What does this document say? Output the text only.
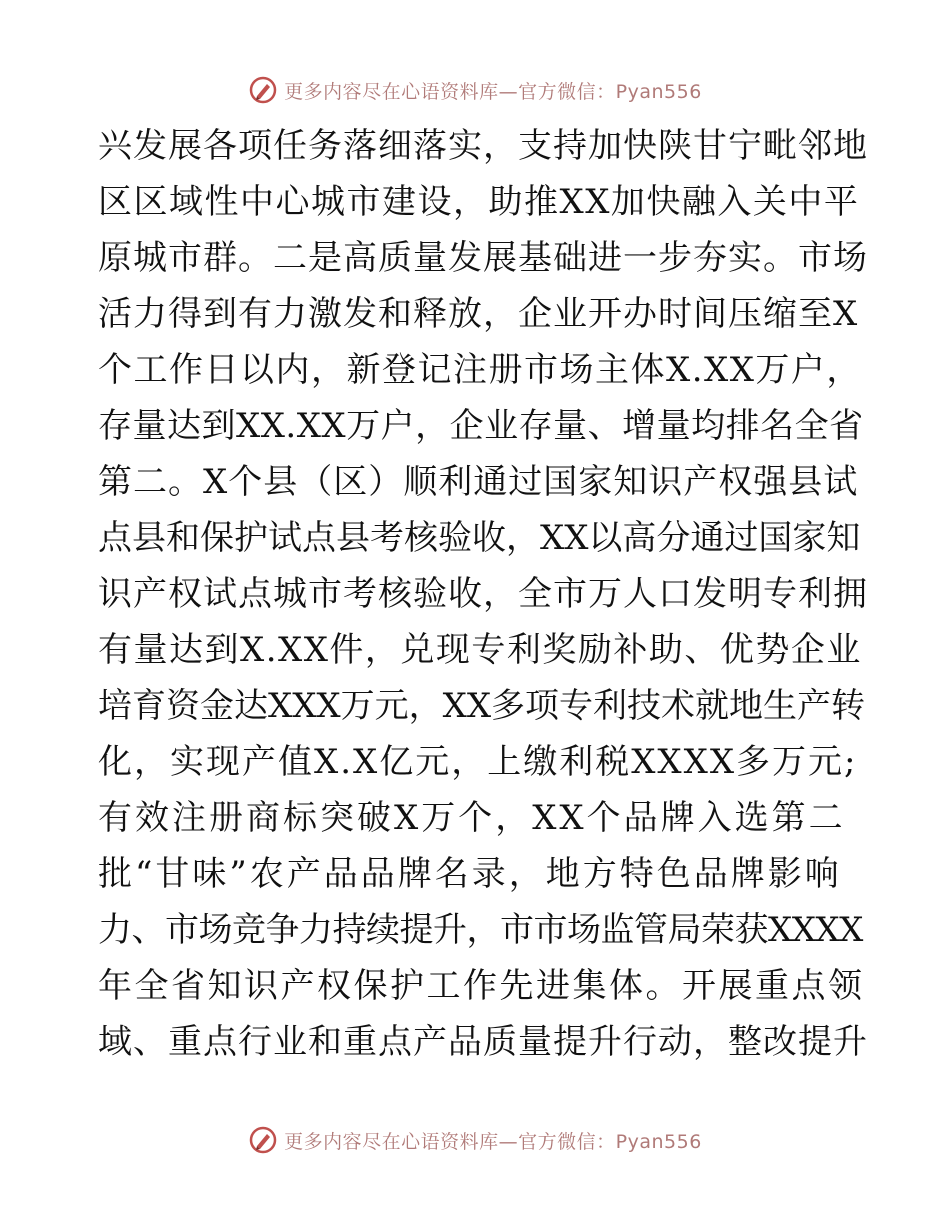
更多内容尽在心语资料库—官方微信：Pyan556
兴发展各项任务落细落实，支持加快陕甘宁毗邻地
区区域性中心城市建设，助推XX加快融入关中平
原城市群。二是高质量发展基础进一步夯实。市场
活力得到有力激发和释放，企业开办时间压缩至X
个工作日以内，新登记注册市场主体X.XX万户，
存量达到XX.XX万户，企业存量、增量均排名全省
第二。X个县（区）顺利通过国家知识产权强县试
点县和保护试点县考核验收，XX以高分通过国家知
识产权试点城市考核验收，全市万人口发明专利拥
有量达到X.XX件，兑现专利奖励补助、优势企业
培育资金达XXX万元，XX多项专利技术就地生产转
化，实现产值X.X亿元，上缴利税XXXX多万元;
有效注册商标突破X万个，XX个品牌入选第二
批“甘味”农产品品牌名录，地方特色品牌影响
力、市场竞争力持续提升，市市场监管局荣获XXXX
年全省知识产权保护工作先进集体。开展重点领
域、重点行业和重点产品质量提升行动，整改提升
更多内容尽在心语资料库—官方微信：Pyan556
